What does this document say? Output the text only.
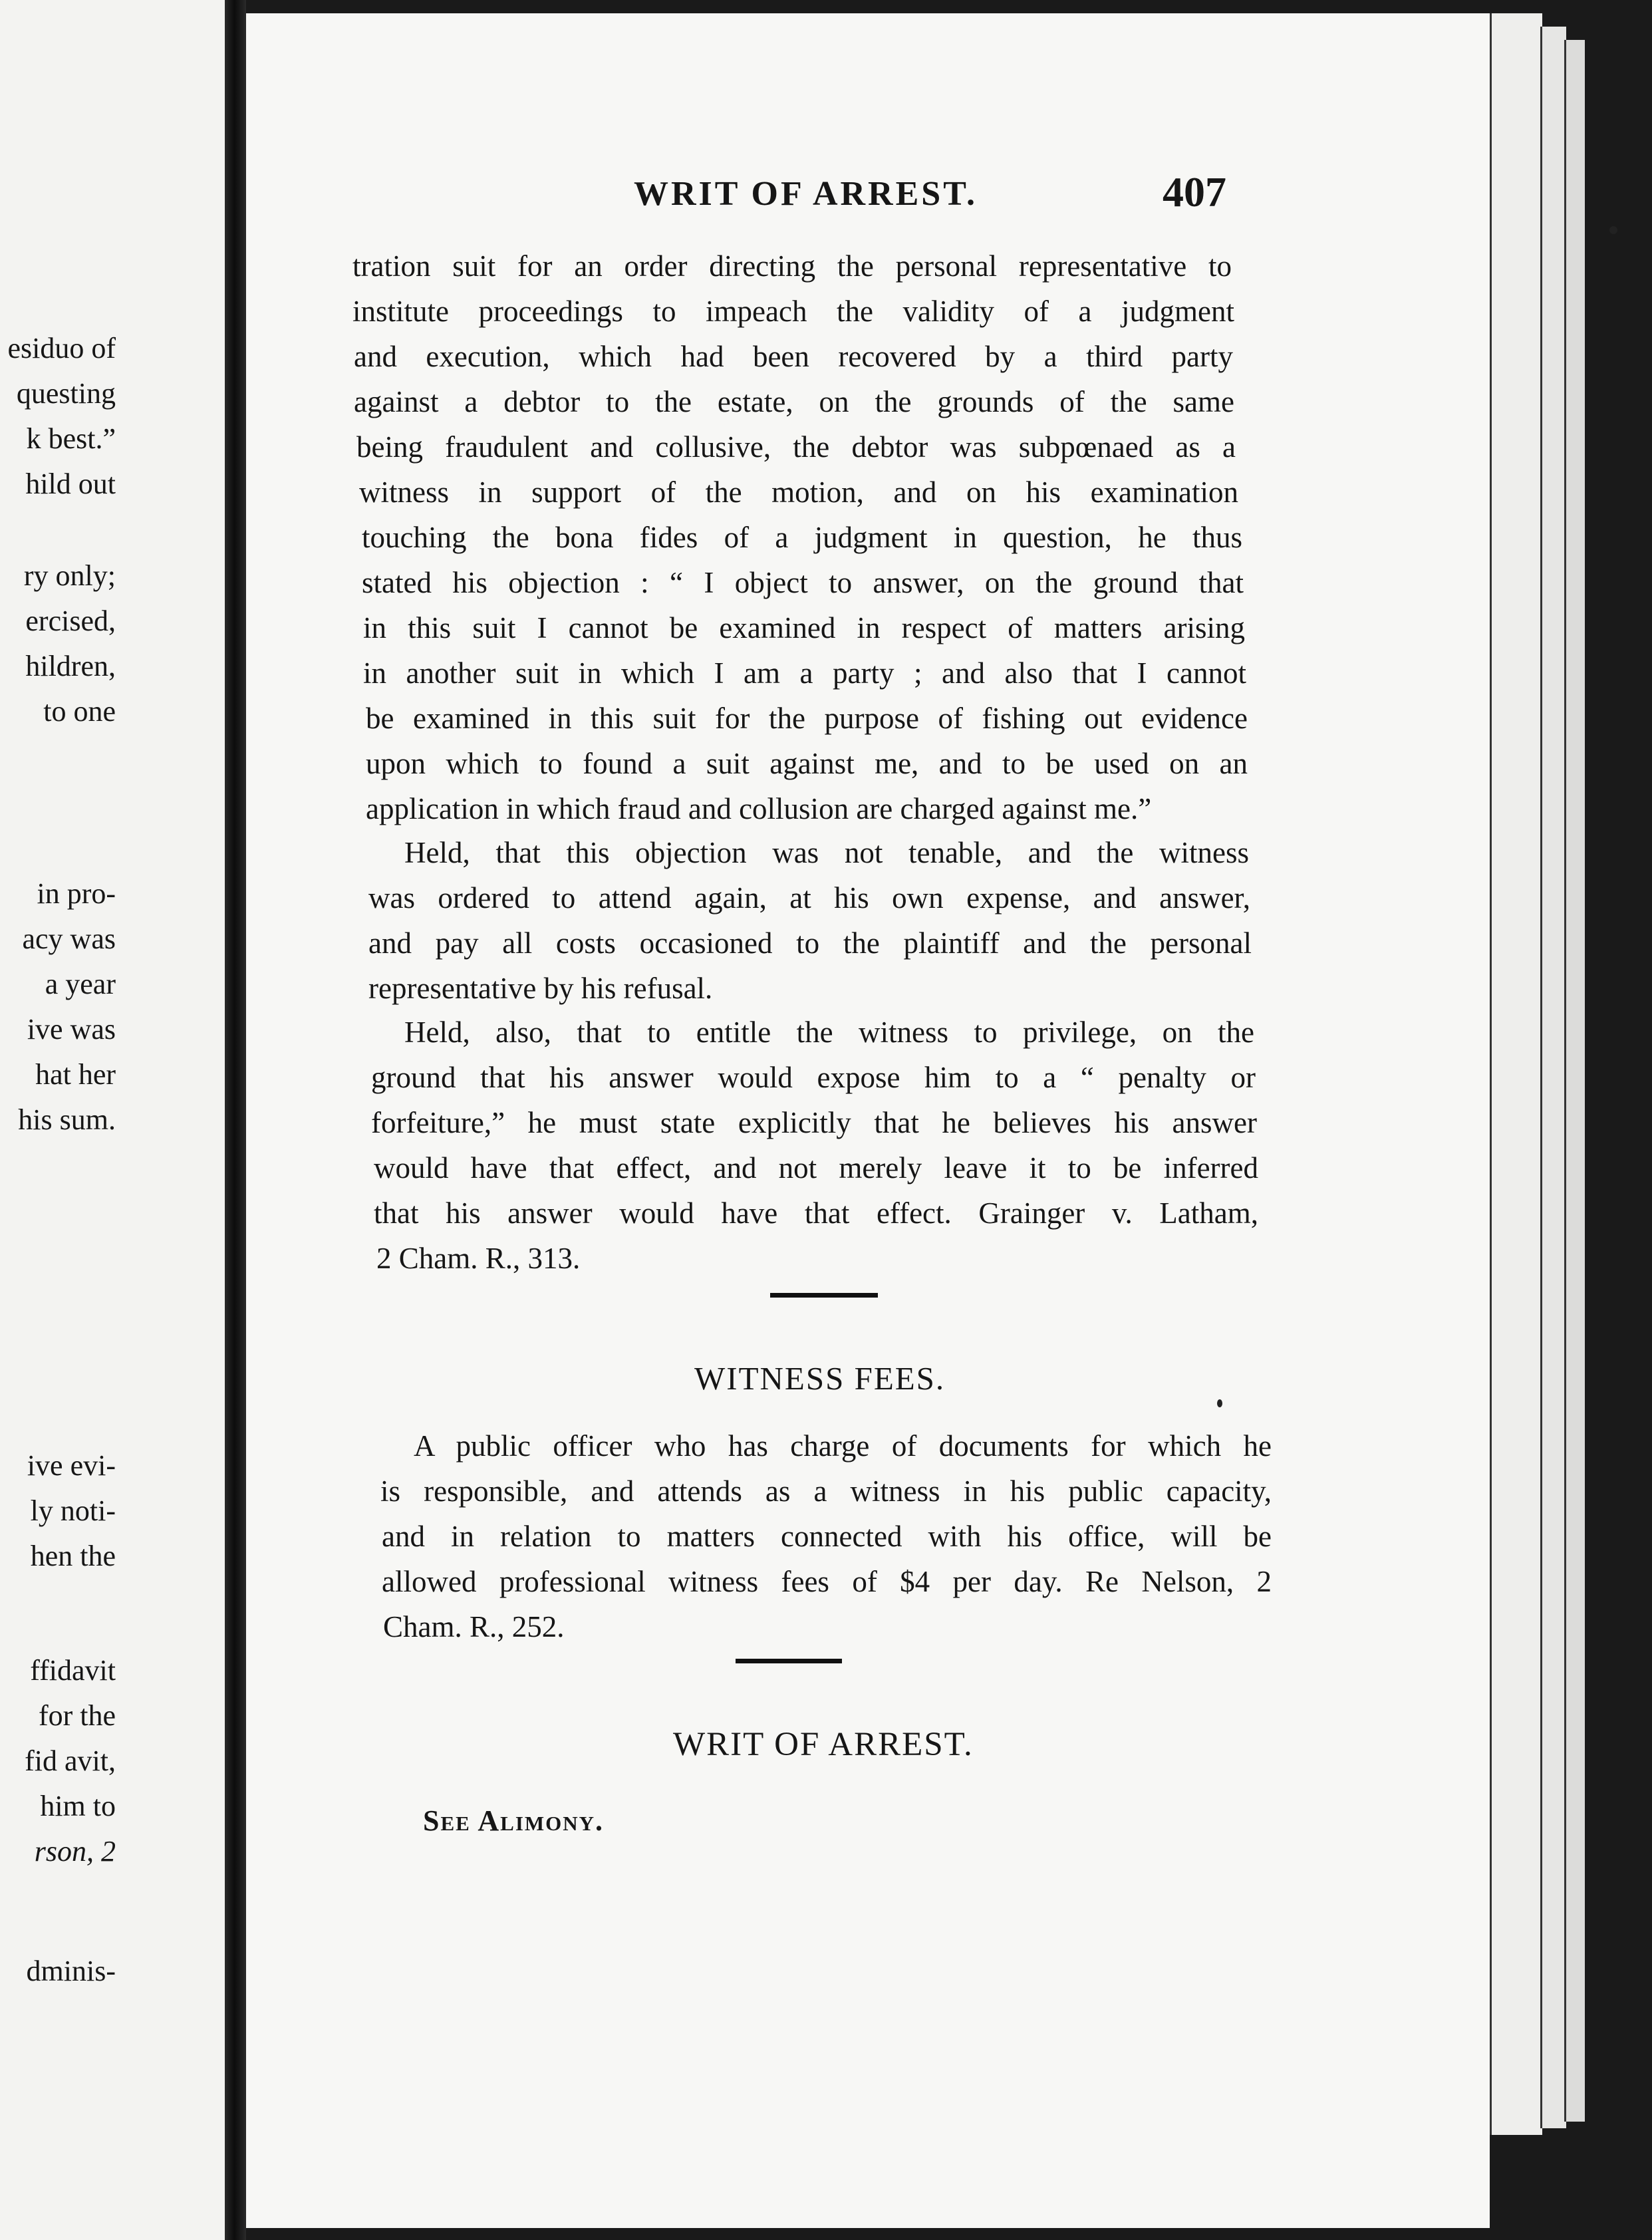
esiduo of
questing
k best.”
hild out
ry only;
ercised,
hildren,
to one
in pro-
acy was
a year
ive was
hat her
his sum.
ive evi-
ly noti-
hen the
ffidavit
for the
fid avit,
him to
rson, 2
dminis-
WRIT OF ARREST.	407
tration suit for an order directing the personal representative to
institute proceedings to impeach the validity of a judgment
and execution, which had been recovered by a third party
against a debtor to the estate, on the grounds of the same
being fraudulent and collusive, the debtor was subpœnaed as a
witness in support of the motion, and on his examination
touching the bona fides of a judgment in question, he thus
stated his objection : “ I object to answer, on the ground that
in this suit I cannot be examined in respect of matters arising
in another suit in which I am a party ; and also that I cannot
be examined in this suit for the purpose of fishing out evidence
upon which to found a suit against me, and to be used on an
application in which fraud and collusion are charged against me.”
Held, that this objection was not tenable, and the witness
was ordered to attend again, at his own expense, and answer,
and pay all costs occasioned to the plaintiff and the personal
representative by his refusal.
Held, also, that to entitle the witness to privilege, on the
ground that his answer would expose him to a “ penalty or
forfeiture,” he must state explicitly that he believes his answer
would have that effect, and not merely leave it to be inferred
that his answer would have that effect. Grainger v. Latham,
2 Cham. R., 313.
WITNESS FEES.
A public officer who has charge of documents for which he
is responsible, and attends as a witness in his public capacity,
and in relation to matters connected with his office, will be
allowed professional witness fees of $4 per day. Re Nelson, 2
Cham. R., 252.
WRIT OF ARREST.
See Alimony.
